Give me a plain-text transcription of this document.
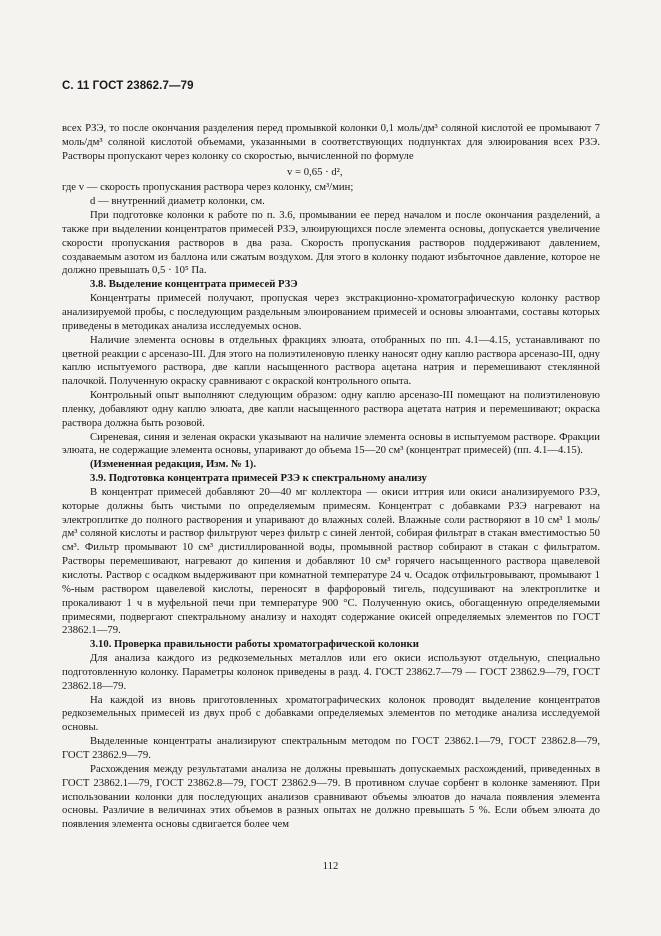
С. 11 ГОСТ 23862.7—79

всех РЗЭ, то после окончания разделения перед промывкой колонки 0,1 моль/дм³ соляной кислотой ее промывают 7 моль/дм³ соляной кислотой объемами, указанными в соответствующих подпунктах для элюирования всех РЗЭ. Растворы пропускают через колонку со скоростью, вычисленной по формуле

v = 0,65 · d²,

где v — скорость пропускания раствора через колонку, см³/мин;

d — внутренний диаметр колонки, см.

При подготовке колонки к работе по п. 3.6, промывании ее перед началом и после окончания разделений, а также при выделении концентратов примесей РЗЭ, элюирующихся после элемента основы, допускается увеличение скорости пропускания растворов в два раза. Скорость пропускания растворов поддерживают давлением, создаваемым азотом из баллона или сжатым воздухом. Для этого в колонку подают избыточное давление, которое не должно превышать 0,5 · 10⁵ Па.

3.8. Выделение концентрата примесей РЗЭ

Концентраты примесей получают, пропуская через экстракционно-хроматографическую колонку раствор анализируемой пробы, с последующим раздельным элюированием примесей и основы элюантами, составы которых приведены в методиках анализа исследуемых основ.

Наличие элемента основы в отдельных фракциях элюата, отобранных по пп. 4.1—4.15, устанавливают по цветной реакции с арсеназо-III. Для этого на полиэтиленовую пленку наносят одну каплю раствора арсеназо-III, одну каплю испытуемого раствора, две капли насыщенного раствора ацетана натрия и перемешивают стеклянной палочкой. Полученную окраску сравнивают с окраской контрольного опыта.

Контрольный опыт выполняют следующим образом: одну каплю арсеназо-III помещают на полиэтиленовую пленку, добавляют одну каплю элюата, две капли насыщенного раствора ацетата натрия и перемешивают; окраска раствора должна быть розовой.

Сиреневая, синяя и зеленая окраски указывают на наличие элемента основы в испытуемом растворе. Фракции элюата, не содержащие элемента основы, упаривают до объема 15—20 см³ (концентрат примесей) (пп. 4.1—4.15).

(Измененная редакция, Изм. № 1).

3.9. Подготовка концентрата примесей РЗЭ к спектральному анализу

В концентрат примесей добавляют 20—40 мг коллектора — окиси иттрия или окиси анализируемого РЗЭ, которые должны быть чистыми по определяемым примесям. Концентрат с добавками РЗЭ нагревают на электроплитке до полного растворения и упаривают до влажных солей. Влажные соли растворяют в 10 см³ 1 моль/дм³ соляной кислоты и раствор фильтруют через фильтр с синей лентой, собирая фильтрат в стакан вместимостью 50 см³. Фильтр промывают 10 см³ дистиллированной воды, промывной раствор собирают в стакан с фильтратом. Растворы перемешивают, нагревают до кипения и добавляют 10 см³ горячего насыщенного раствора щавелевой кислоты. Раствор с осадком выдерживают при комнатной температуре 24 ч. Осадок отфильтровывают, промывают 1 %-ным раствором щавелевой кислоты, переносят в фарфоровый тигель, подсушивают на электроплитке и прокаливают 1 ч в муфельной печи при температуре 900 °С. Полученную окись, обогащенную определяемыми примесями, подвергают спектральному анализу и находят содержание окисей определяемых элементов по ГОСТ 23862.1—79.

3.10. Проверка правильности работы хроматографической колонки

Для анализа каждого из редкоземельных металлов или его окиси используют отдельную, специально подготовленную колонку. Параметры колонок приведены в разд. 4. ГОСТ 23862.7—79 — ГОСТ 23862.9—79, ГОСТ 23862.18—79.

На каждой из вновь приготовленных хроматографических колонок проводят выделение концентратов редкоземельных примесей из двух проб с добавками определяемых элементов по методике анализа исследуемой основы.

Выделенные концентраты анализируют спектральным методом по ГОСТ 23862.1—79, ГОСТ 23862.8—79, ГОСТ 23862.9—79.

Расхождения между результатами анализа не должны превышать допускаемых расхождений, приведенных в ГОСТ 23862.1—79, ГОСТ 23862.8—79, ГОСТ 23862.9—79. В противном случае сорбент в колонке заменяют. При использовании колонки для последующих анализов сравнивают объемы элюатов до начала появления элемента основы. Различие в величинах этих объемов в разных опытах не должно превышать 5 %. Если объем элюата до появления элемента основы сдвигается более чем

112
